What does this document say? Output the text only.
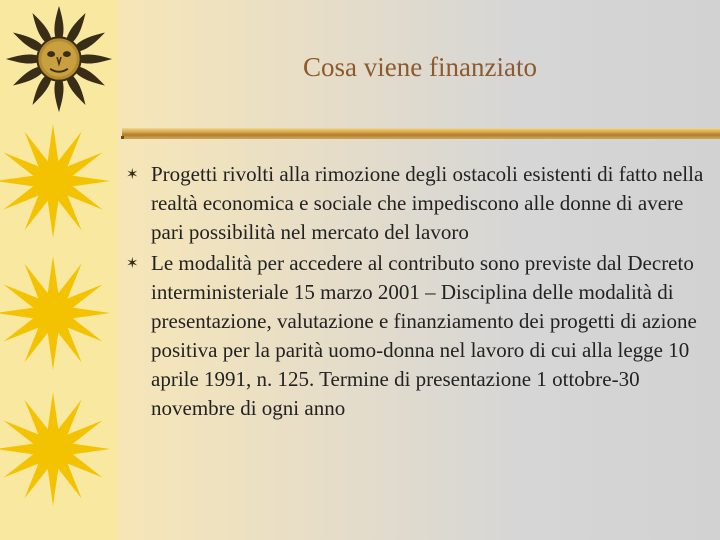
Cosa viene finanziato
✶ Progetti rivolti alla rimozione degli ostacoli esistenti di fatto nella realtà economica e sociale che impediscono alle donne di avere pari possibilità nel mercato del lavoro
✶ Le modalità per accedere al contributo sono previste dal Decreto interministeriale 15 marzo 2001 – Disciplina delle modalità di presentazione, valutazione e finanziamento dei progetti di azione positiva per la parità uomo-donna nel lavoro di cui alla legge 10 aprile 1991, n. 125. Termine di presentazione 1 ottobre-30 novembre di ogni anno
